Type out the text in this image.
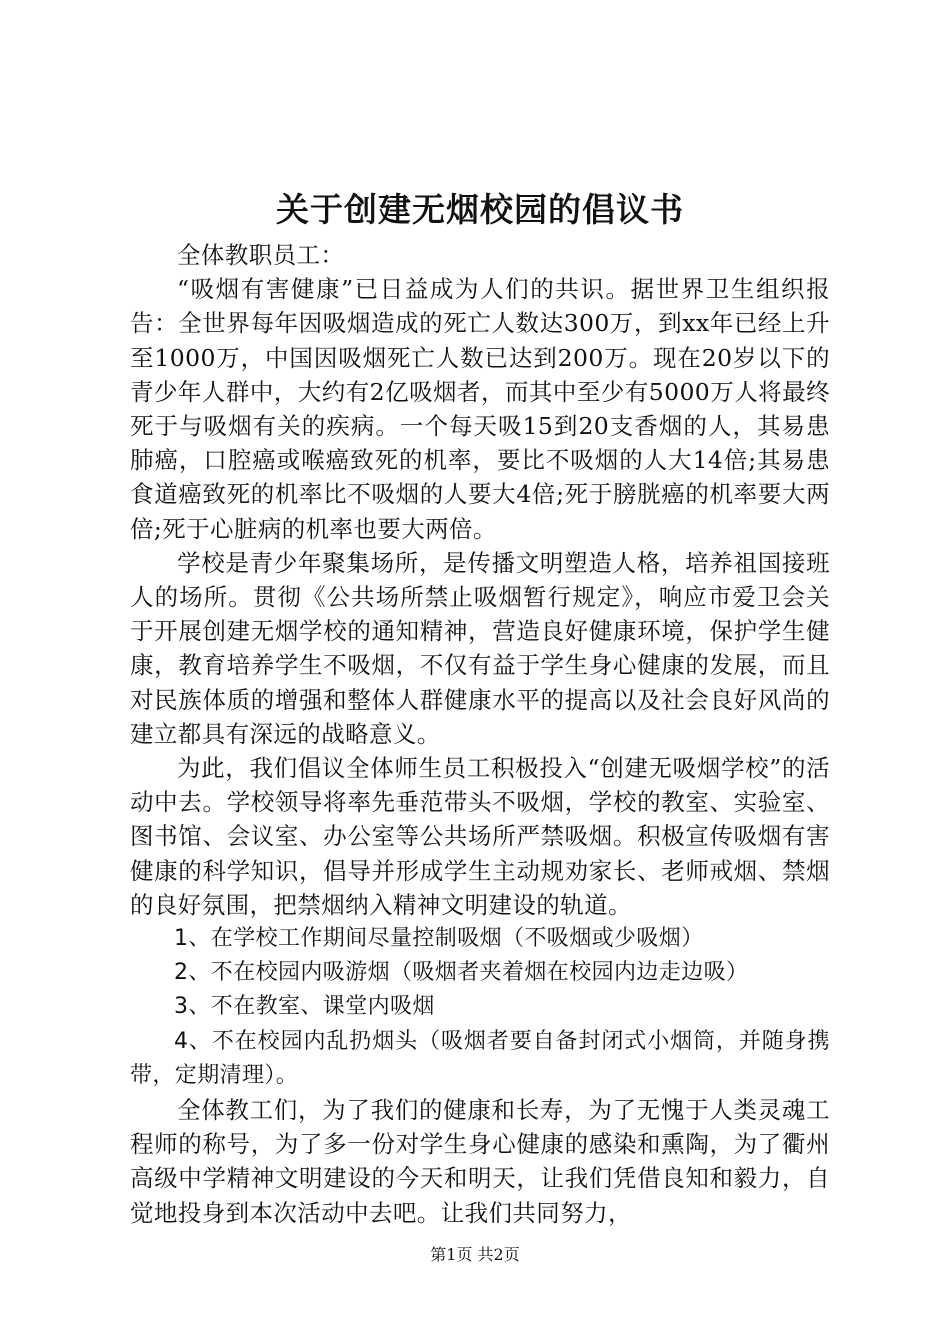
关于创建无烟校园的倡议书

全体教职员工：

“吸烟有害健康”已日益成为人们的共识。据世界卫生组织报告：全世界每年因吸烟造成的死亡人数达300万，到xx年已经上升至1000万，中国因吸烟死亡人数已达到200万。现在20岁以下的青少年人群中，大约有2亿吸烟者，而其中至少有5000万人将最终死于与吸烟有关的疾病。一个每天吸15到20支香烟的人，其易患肺癌，口腔癌或喉癌致死的机率，要比不吸烟的人大14倍;其易患食道癌致死的机率比不吸烟的人要大4倍;死于膀胱癌的机率要大两倍;死于心脏病的机率也要大两倍。

学校是青少年聚集场所，是传播文明塑造人格，培养祖国接班人的场所。贯彻《公共场所禁止吸烟暂行规定》，响应市爱卫会关于开展创建无烟学校的通知精神，营造良好健康环境，保护学生健康，教育培养学生不吸烟，不仅有益于学生身心健康的发展，而且对民族体质的增强和整体人群健康水平的提高以及社会良好风尚的建立都具有深远的战略意义。

为此，我们倡议全体师生员工积极投入“创建无吸烟学校”的活动中去。学校领导将率先垂范带头不吸烟，学校的教室、实验室、图书馆、会议室、办公室等公共场所严禁吸烟。积极宣传吸烟有害健康的科学知识，倡导并形成学生主动规劝家长、老师戒烟、禁烟的良好氛围，把禁烟纳入精神文明建设的轨道。

1、在学校工作期间尽量控制吸烟（不吸烟或少吸烟）

2、不在校园内吸游烟（吸烟者夹着烟在校园内边走边吸）

3、不在教室、课堂内吸烟

4、不在校园内乱扔烟头（吸烟者要自备封闭式小烟筒，并随身携带，定期清理）。

全体教工们，为了我们的健康和长寿，为了无愧于人类灵魂工程师的称号，为了多一份对学生身心健康的感染和熏陶，为了衢州高级中学精神文明建设的今天和明天，让我们凭借良知和毅力，自觉地投身到本次活动中去吧。让我们共同努力，

第1页 共2页
